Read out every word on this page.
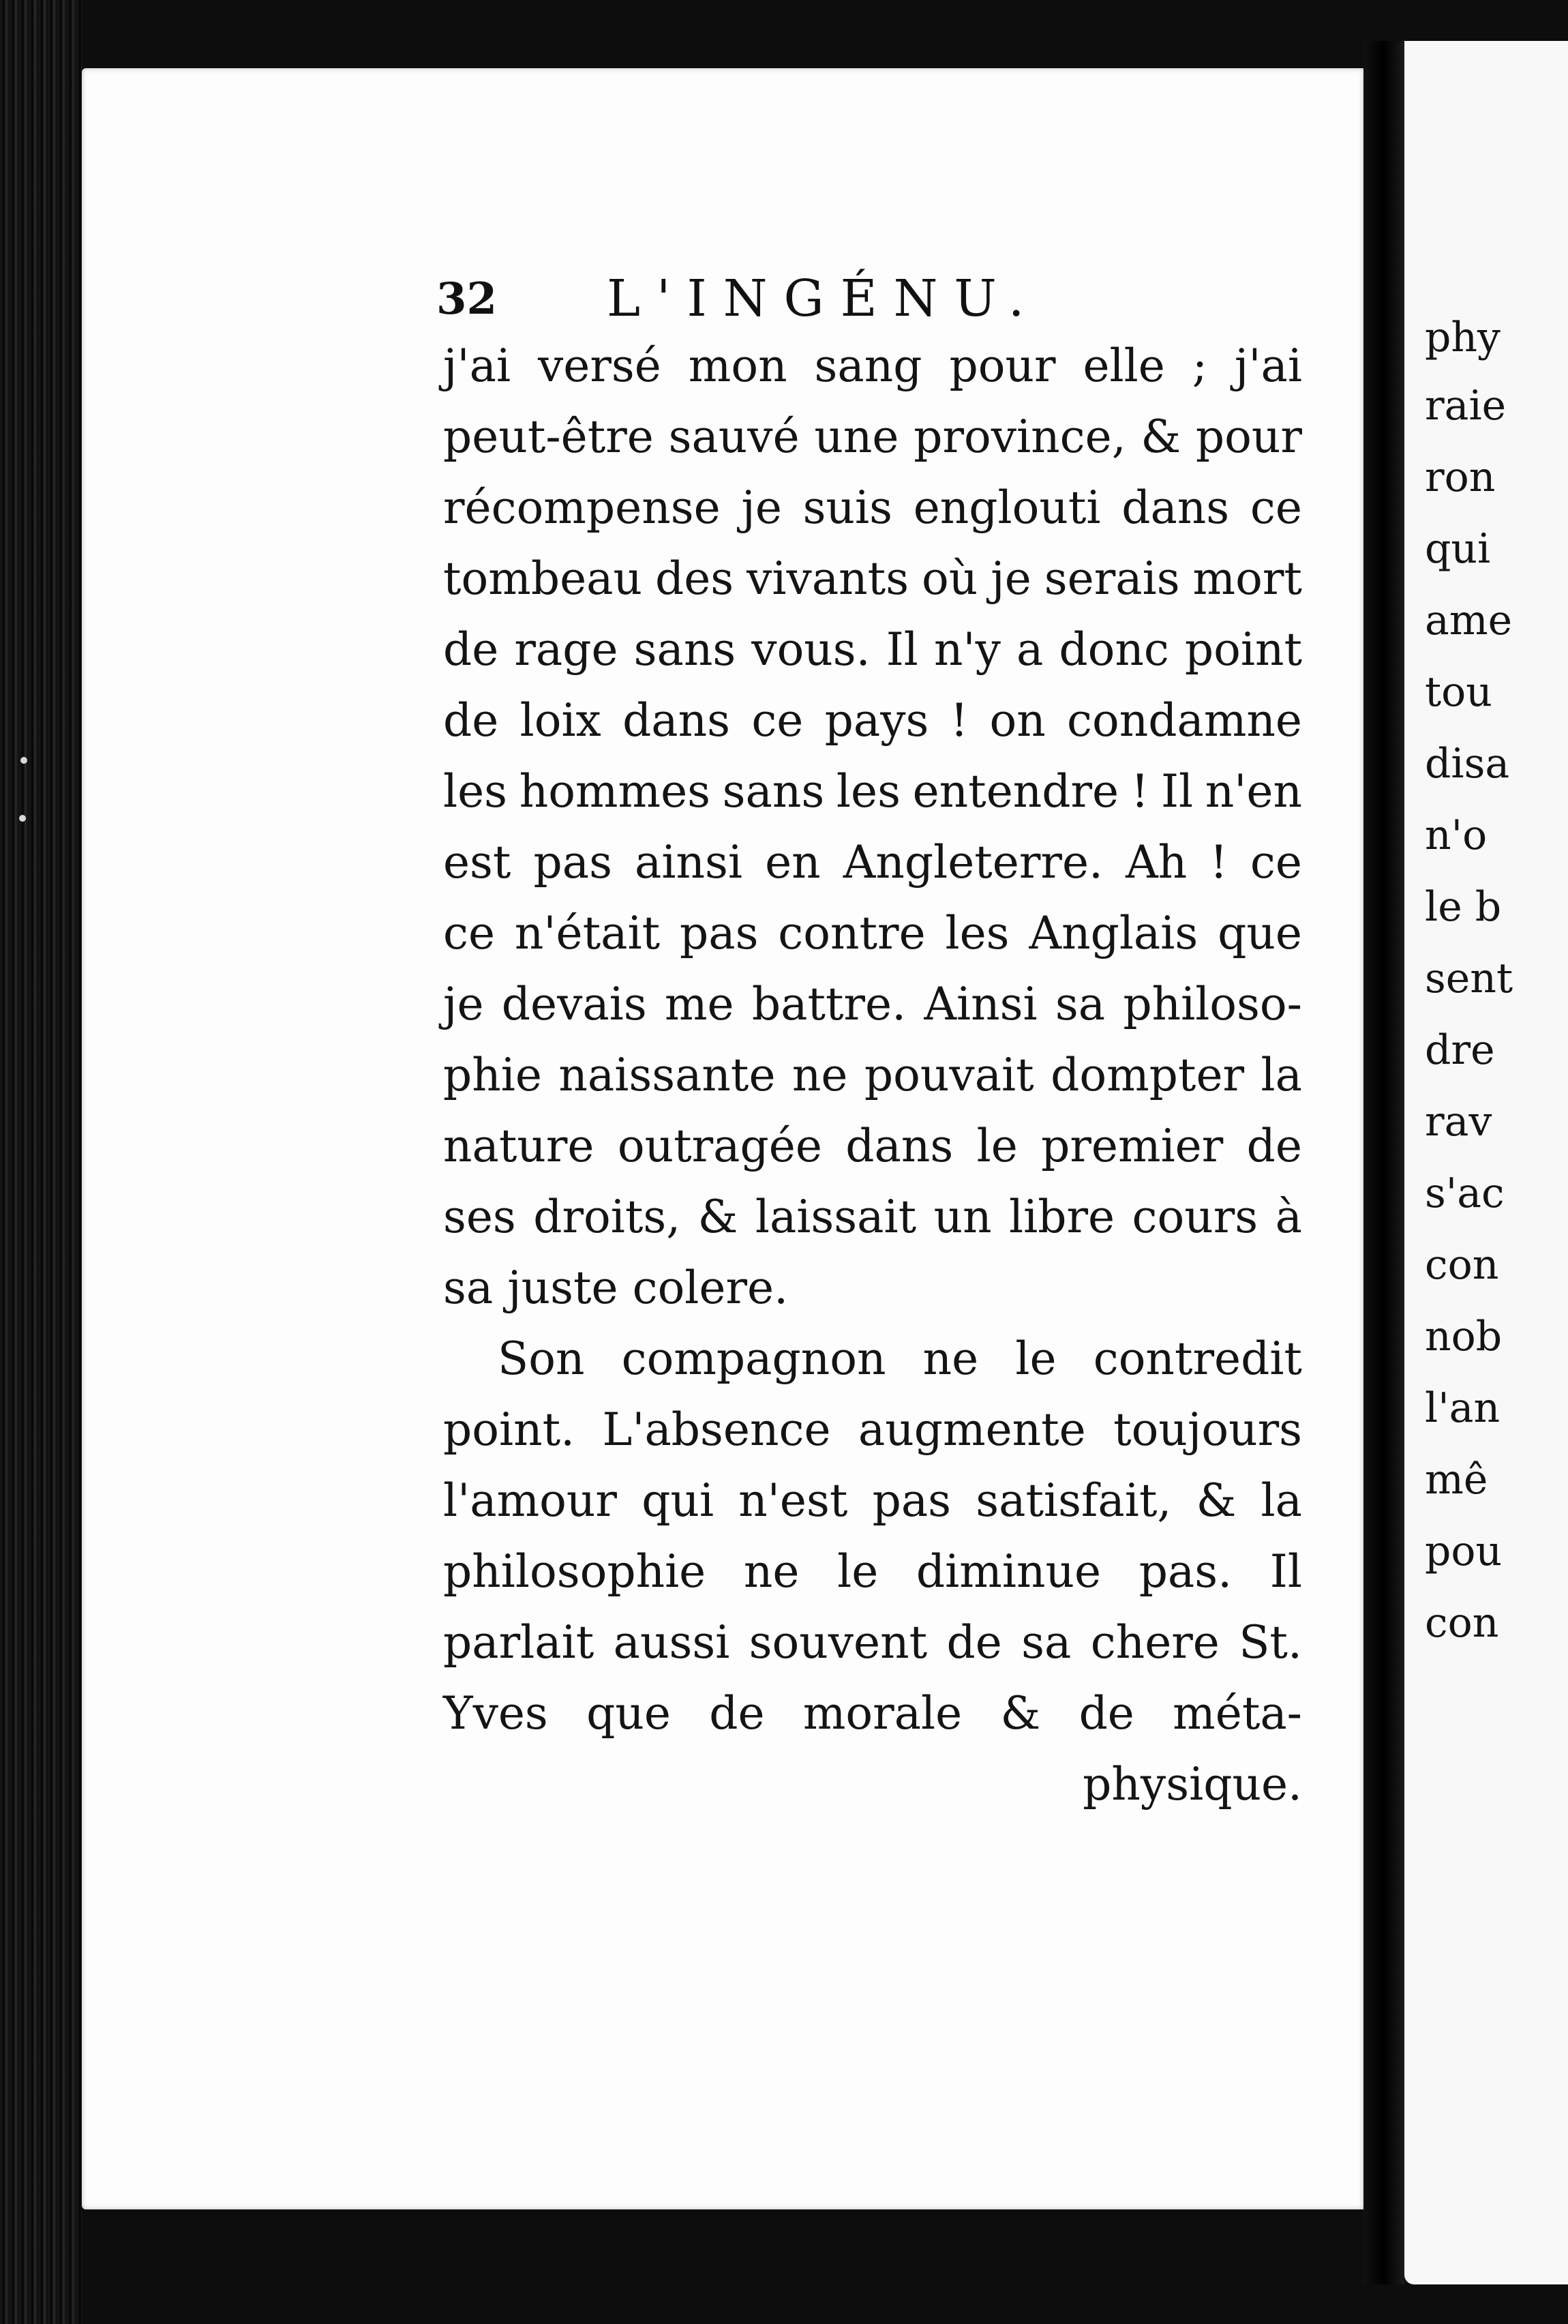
32 L'INGÉNU.
j'ai versé mon sang pour elle ; j'ai
peut-être sauvé une province, & pour
récompense je suis englouti dans ce
tombeau des vivants où je serais mort
de rage sans vous. Il n'y a donc point
de loix dans ce pays ! on condamne
les hommes sans les entendre ! Il n'en
est pas ainsi en Angleterre. Ah ! ce
ce n'était pas contre les Anglais que
je devais me battre. Ainsi sa philoso-
phie naissante ne pouvait dompter la
nature outragée dans le premier de
ses droits, & laissait un libre cours à
sa juste colere.
Son compagnon ne le contredit
point. L'absence augmente toujours
l'amour qui n'est pas satisfait, & la
philosophie ne le diminue pas. Il
parlait aussi souvent de sa chere St.
Yves que de morale & de méta-
physique.
phy
raie
ron
qui
ame
tou
disa
n'o
le b
sent
dre
rav
s'ac
con
nob
l'an
mê
pou
con
